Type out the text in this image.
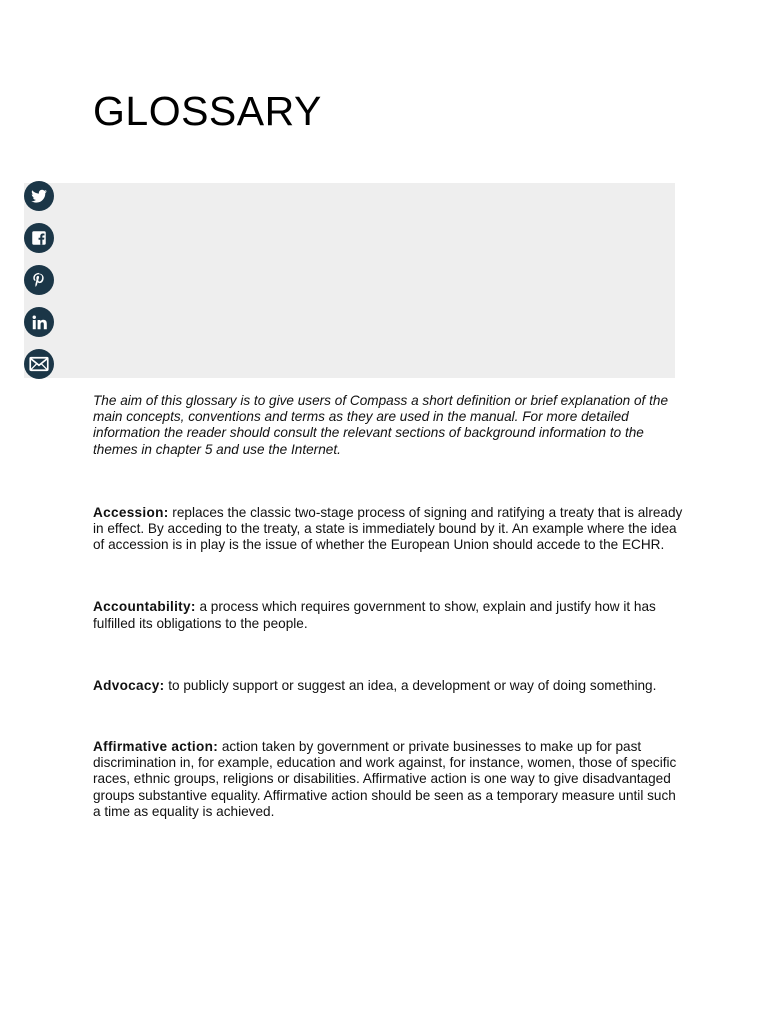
GLOSSARY

The aim of this glossary is to give users of Compass a short definition or brief explanation of the main concepts, conventions and terms as they are used in the manual. For more detailed information the reader should consult the relevant sections of background information to the themes in chapter 5 and use the Internet.

Accession: replaces the classic two-stage process of signing and ratifying a treaty that is already in effect. By acceding to the treaty, a state is immediately bound by it. An example where the idea of accession is in play is the issue of whether the European Union should accede to the ECHR.

Accountability: a process which requires government to show, explain and justify how it has fulfilled its obligations to the people.

Advocacy: to publicly support or suggest an idea, a development or way of doing something.

Affirmative action: action taken by government or private businesses to make up for past discrimination in, for example, education and work against, for instance, women, those of specific races, ethnic groups, religions or disabilities. Affirmative action is one way to give disadvantaged groups substantive equality. Affirmative action should be seen as a temporary measure until such a time as equality is achieved.
